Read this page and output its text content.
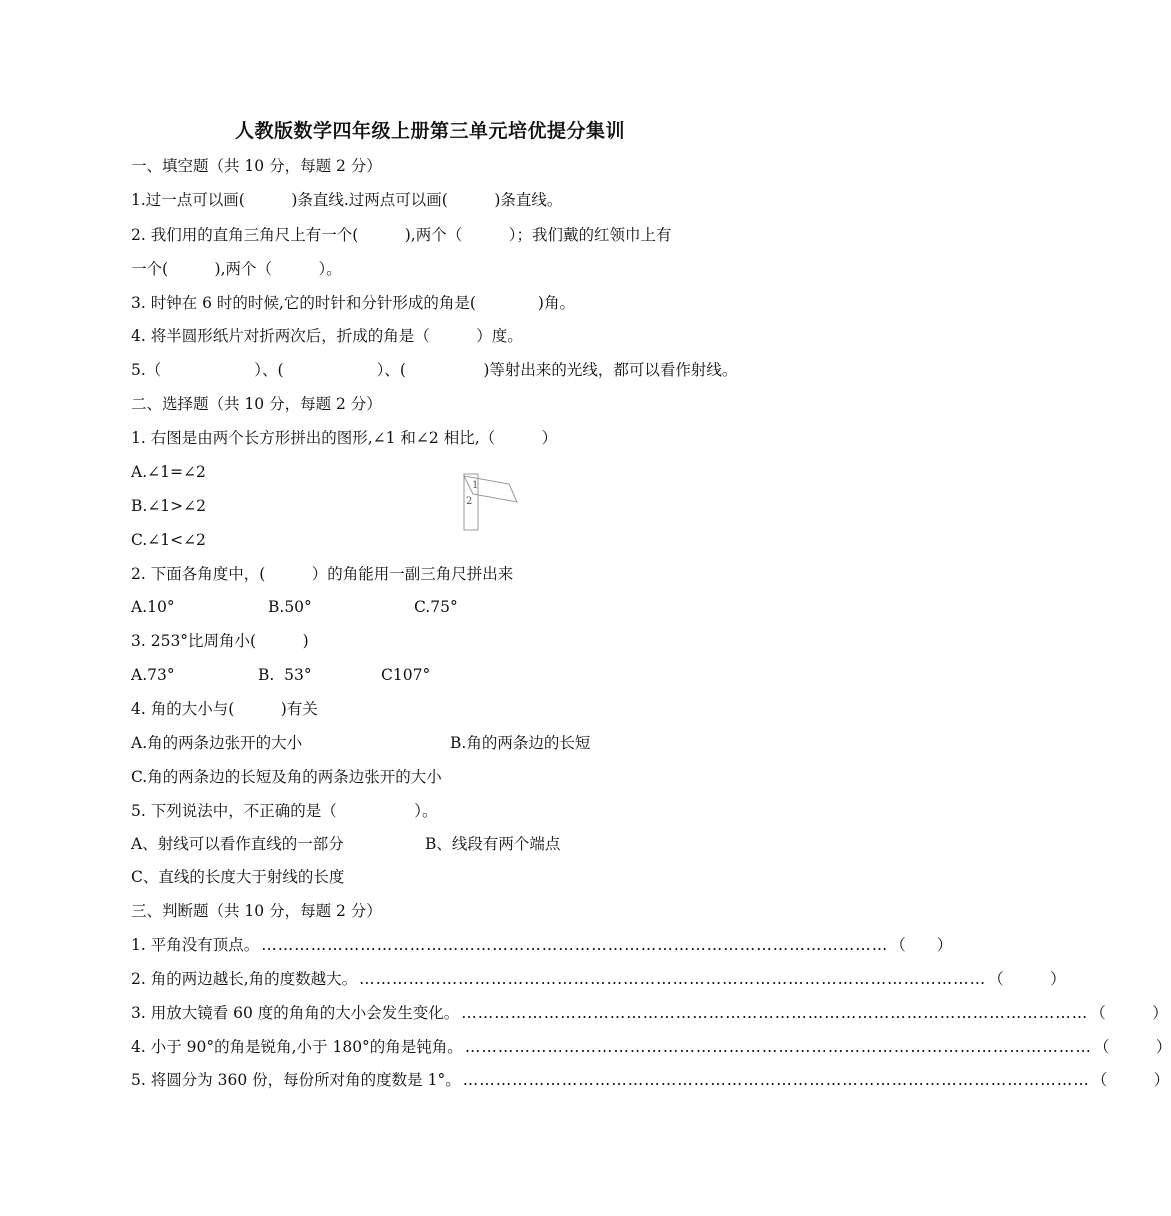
人教版数学四年级上册第三单元培优提分集训
一、填空题（共 10 分，每题 2 分）
1.过一点可以画(　　　)条直线.过两点可以画(　　　)条直线。
2. 我们用的直角三角尺上有一个(　　　),两个（　　　）；我们戴的红领巾上有
一个(　　　),两个（　　　）。
3. 时钟在 6 时的时候,它的时针和分针形成的角是(　　　　)角。
4. 将半圆形纸片对折两次后，折成的角是（　　　）度。
5.（　　　　　　）、(　　　　　　）、(　　　　　)等射出来的光线，都可以看作射线。
二、选择题（共 10 分，每题 2 分）
1. 右图是由两个长方形拼出的图形,∠1 和∠2 相比,（　　　）
A.∠1=∠2
B.∠1>∠2
C.∠1<∠2
1
2
2. 下面各角度中，(　　　）的角能用一副三角尺拼出来
A.10°	B.50°	C.75°
3. 253°比周角小(　　　)
A.73°	B.  53°	C107°
4. 角的大小与(　　　)有关
A.角的两条边张开的大小	B.角的两条边的长短
C.角的两条边的长短及角的两条边张开的大小
5. 下列说法中，不正确的是（　　　　　）。
A、射线可以看作直线的一部分	B、线段有两个端点
C、直线的长度大于射线的长度
三、判断题（共 10 分，每题 2 分）
1. 平角没有顶点。 …………………………………………………………………………………………………… （　　）
2. 角的两边越长,角的度数越大。 …………………………………………………………………………………………………… （　　　）
3. 用放大镜看 60 度的角角的大小会发生变化。 …………………………………………………………………………………………………… （　　　）
4. 小于 90°的角是锐角,小于 180°的角是钝角。 …………………………………………………………………………………………………… （　　　）
5. 将圆分为 360 份，每份所对角的度数是 1°。 …………………………………………………………………………………………………… （　　　）
